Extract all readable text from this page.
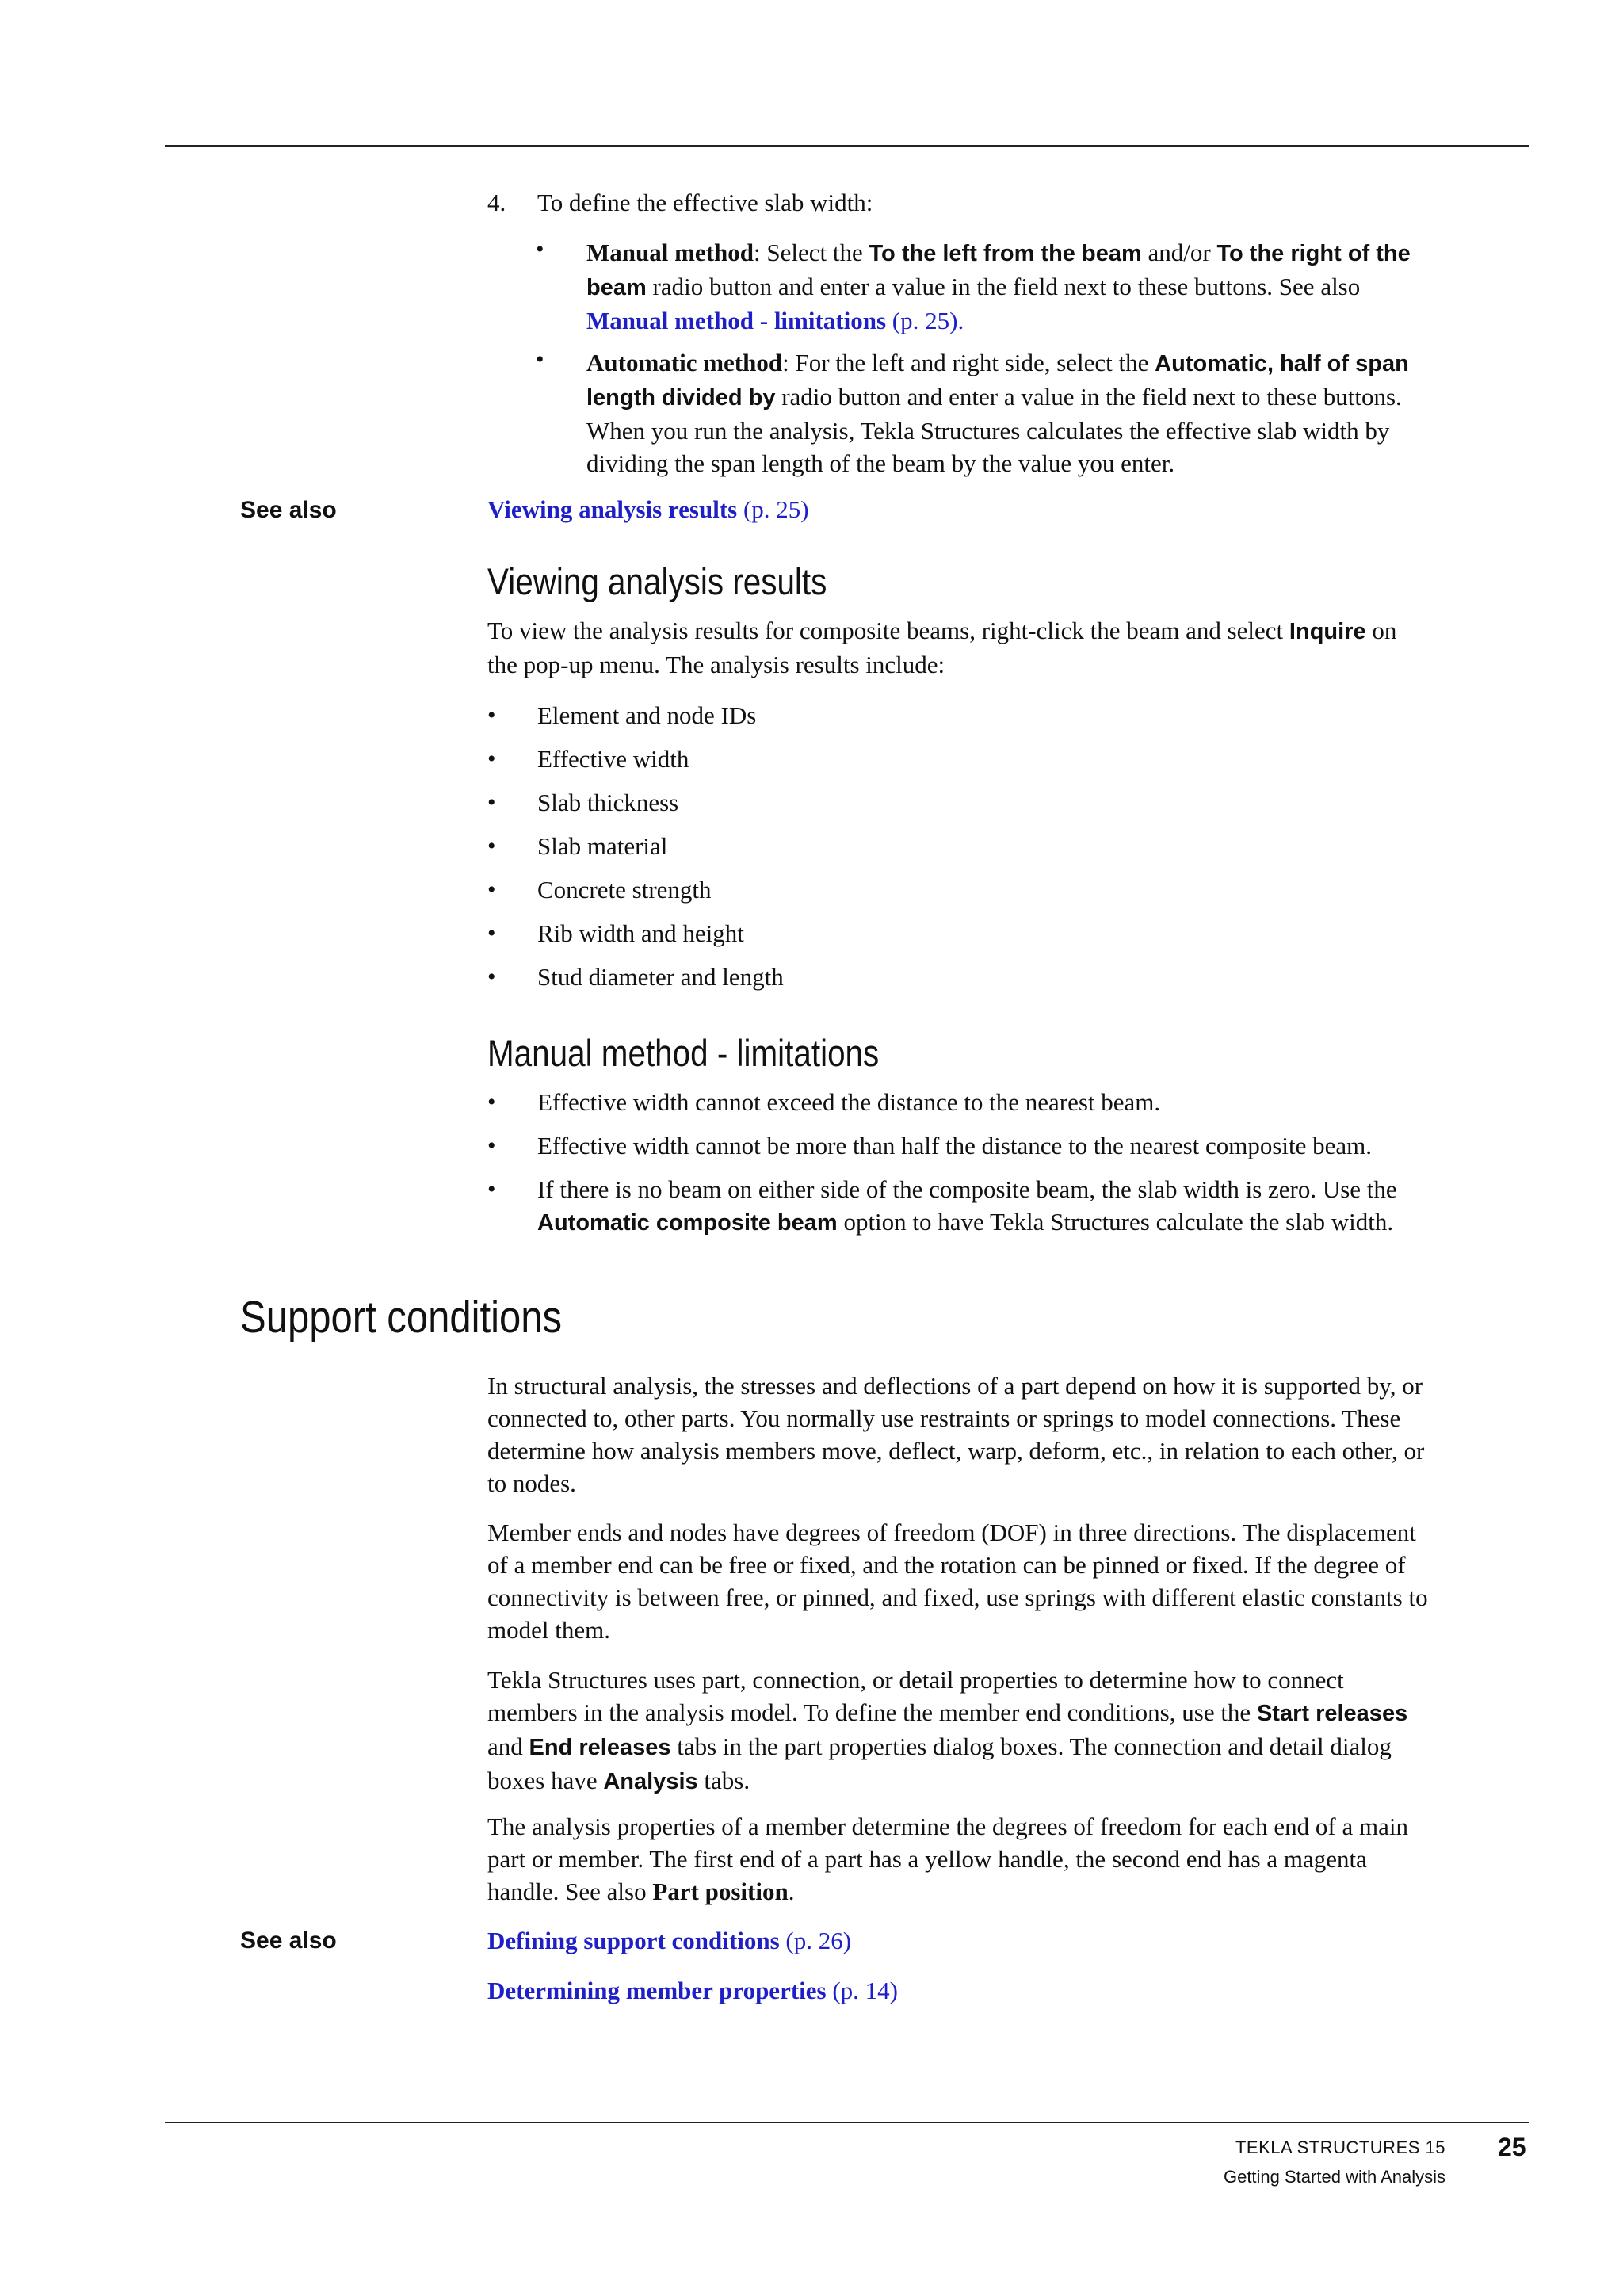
4. To define the effective slab width:
• Manual method: Select the To the left from the beam and/or To the right of the
beam radio button and enter a value in the field next to these buttons. See also
Manual method - limitations (p. 25).
• Automatic method: For the left and right side, select the Automatic, half of span
length divided by radio button and enter a value in the field next to these buttons.
When you run the analysis, Tekla Structures calculates the effective slab width by
dividing the span length of the beam by the value you enter.
See also	Viewing analysis results (p. 25)
Viewing analysis results
To view the analysis results for composite beams, right-click the beam and select Inquire on
the pop-up menu. The analysis results include:
• Element and node IDs
• Effective width
• Slab thickness
• Slab material
• Concrete strength
• Rib width and height
• Stud diameter and length
Manual method - limitations
• Effective width cannot exceed the distance to the nearest beam.
• Effective width cannot be more than half the distance to the nearest composite beam.
• If there is no beam on either side of the composite beam, the slab width is zero. Use the
Automatic composite beam option to have Tekla Structures calculate the slab width.
Support conditions
In structural analysis, the stresses and deflections of a part depend on how it is supported by, or
connected to, other parts. You normally use restraints or springs to model connections. These
determine how analysis members move, deflect, warp, deform, etc., in relation to each other, or
to nodes.
Member ends and nodes have degrees of freedom (DOF) in three directions. The displacement
of a member end can be free or fixed, and the rotation can be pinned or fixed. If the degree of
connectivity is between free, or pinned, and fixed, use springs with different elastic constants to
model them.
Tekla Structures uses part, connection, or detail properties to determine how to connect
members in the analysis model. To define the member end conditions, use the Start releases
and End releases tabs in the part properties dialog boxes. The connection and detail dialog
boxes have Analysis tabs.
The analysis properties of a member determine the degrees of freedom for each end of a main
part or member. The first end of a part has a yellow handle, the second end has a magenta
handle. See also Part position.
See also	Defining support conditions (p. 26)
Determining member properties (p. 14)
TEKLA STRUCTURES 15
Getting Started with Analysis
25
